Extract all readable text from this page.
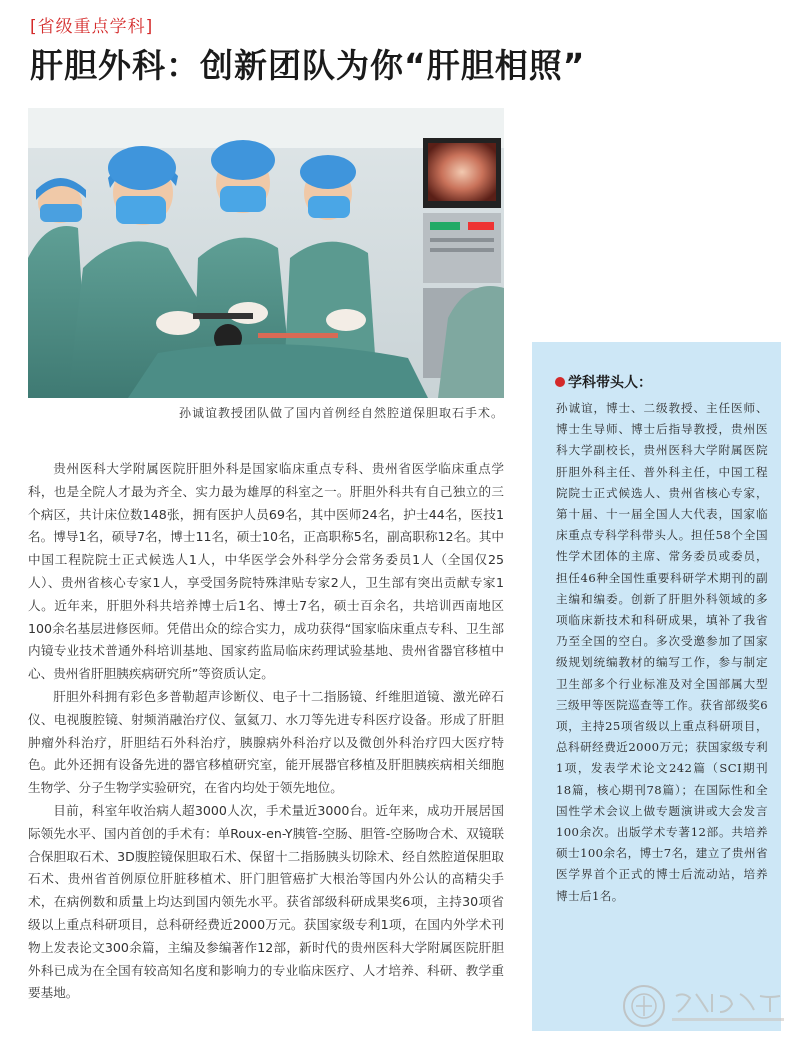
[省级重点学科]
肝胆外科：创新团队为你“肝胆相照”
孙诚谊教授团队做了国内首例经自然腔道保胆取石手术。

贵州医科大学附属医院肝胆外科是国家临床重点专科、贵州省医学临床重点学科，也是全院人才最为齐全、实力最为雄厚的科室之一。肝胆外科共有自己独立的三个病区，共计床位数148张，拥有医护人员69名，其中医师24名，护士44名，医技1名。博导1名，硕导7名，博士11名，硕士10名，正高职称5名，副高职称12名。其中中国工程院院士正式候选人1人，中华医学会外科学分会常务委员1人（全国仅25人）、贵州省核心专家1人，享受国务院特殊津贴专家2人，卫生部有突出贡献专家1人。近年来，肝胆外科共培养博士后1名、博士7名，硕士百余名，共培训西南地区100余名基层进修医师。凭借出众的综合实力，成功获得“国家临床重点专科、卫生部内镜专业技术普通外科培训基地、国家药监局临床药理试验基地、贵州省器官移植中心、贵州省肝胆胰疾病研究所”等资质认定。

肝胆外科拥有彩色多普勒超声诊断仪、电子十二指肠镜、纤维胆道镜、激光碎石仪、电视腹腔镜、射频消融治疗仪、氩氦刀、水刀等先进专科医疗设备。形成了肝胆肿瘤外科治疗，肝胆结石外科治疗，胰腺病外科治疗以及微创外科治疗四大医疗特色。此外还拥有设备先进的器官移植研究室，能开展器官移植及肝胆胰疾病相关细胞生物学、分子生物学实验研究，在省内均处于领先地位。

目前，科室年收治病人超3000人次，手术量近3000台。近年来，成功开展居国际领先水平、国内首创的手术有：单Roux-en-Y胰管-空肠、胆管-空肠吻合术、双镜联合保胆取石术、3D腹腔镜保胆取石术、保留十二指肠胰头切除术、经自然腔道保胆取石术、贵州省首例原位肝脏移植术、肝门胆管癌扩大根治等国内外公认的高精尖手术，在病例数和质量上均达到国内领先水平。获省部级科研成果奖6项，主持30项省级以上重点科研项目，总科研经费近2000万元。获国家级专利1项，在国内外学术刊物上发表论文300余篇，主编及参编著作12部，新时代的贵州医科大学附属医院肝胆外科已成为在全国有较高知名度和影响力的专业临床医疗、人才培养、科研、教学重要基地。

学科带头人：
孙诚谊，博士、二级教授、主任医师、博士生导师、博士后指导教授，贵州医科大学副校长，贵州医科大学附属医院肝胆外科主任、普外科主任，中国工程院院士正式候选人、贵州省核心专家，第十届、十一届全国人大代表，国家临床重点专科学科带头人。担任58个全国性学术团体的主席、常务委员或委员，担任46种全国性重要科研学术期刊的副主编和编委。创新了肝胆外科领域的多项临床新技术和科研成果，填补了我省乃至全国的空白。多次受邀参加了国家级规划统编教材的编写工作，参与制定卫生部多个行业标准及对全国部属大型三级甲等医院巡查等工作。获省部级奖6项，主持25项省级以上重点科研项目，总科研经费近2000万元；获国家级专利1项，发表学术论文242篇（SCI期刊18篇，核心期刊78篇）；在国际性和全国性学术会议上做专题演讲或大会发言100余次。出版学术专著12部。共培养硕士100余名，博士7名，建立了贵州省医学界首个正式的博士后流动站，培养博士后1名。
